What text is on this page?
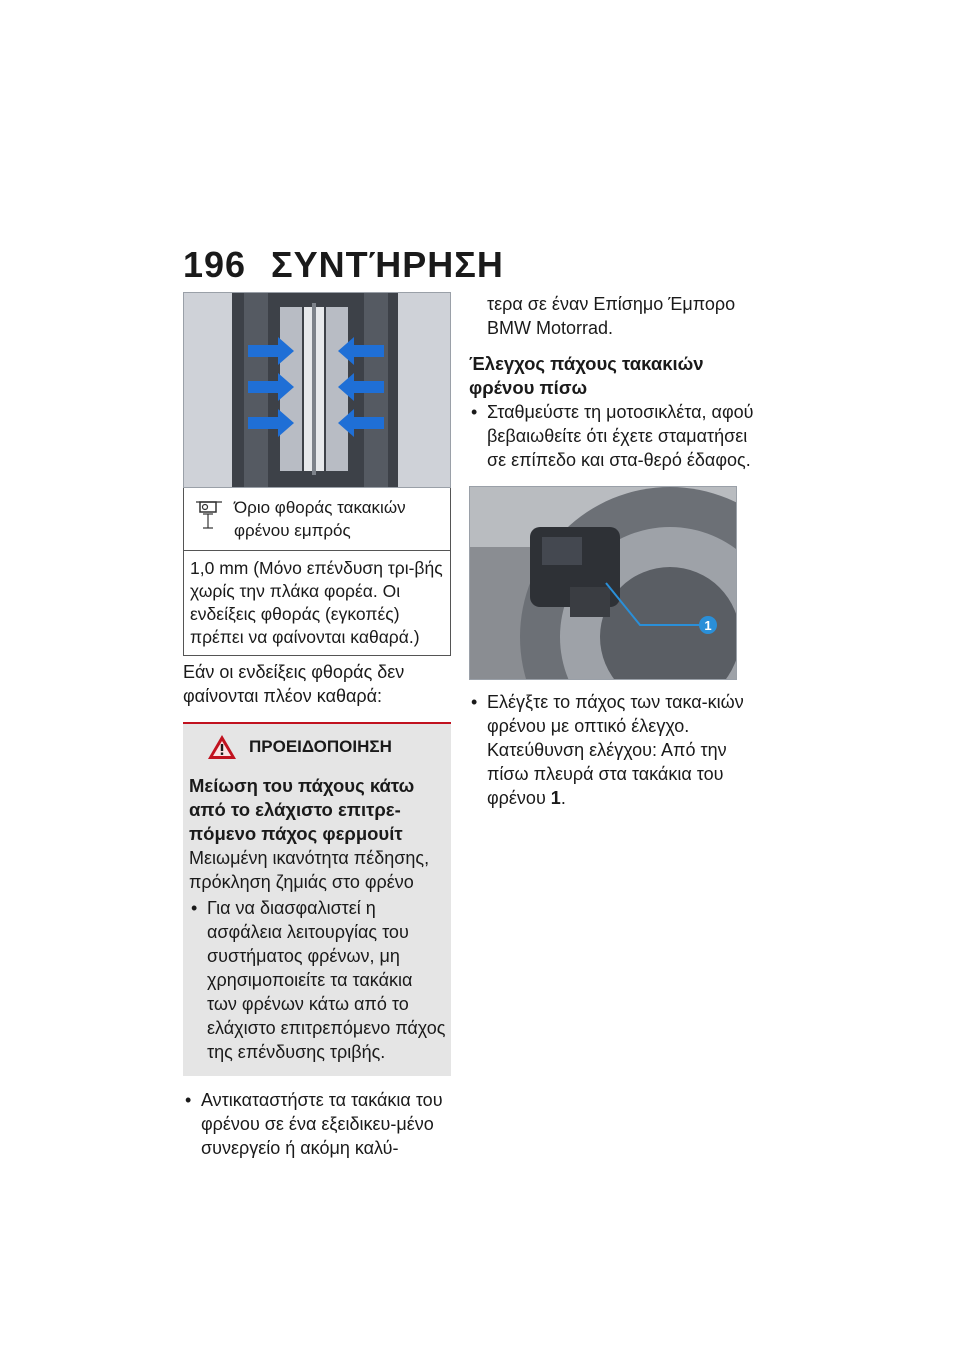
196 ΣΥΝΤΉΡΗΣΗ
Όριο φθοράς τακακιών φρένου εμπρός
1,0 mm (Μόνο επένδυση τρι-βής χωρίς την πλάκα φορέα. Οι ενδείξεις φθοράς (εγκοπές) πρέπει να φαίνονται καθαρά.)

Εάν οι ενδείξεις φθοράς δεν φαίνονται πλέον καθαρά:

ΠΡΟΕΙΔΟΠΟΙΗΣΗ

Μείωση του πάχους κάτω από το ελάχιστο επιτρε-πόμενο πάχος φερμουίτ

Μειωμένη ικανότητα πέδησης, πρόκληση ζημιάς στο φρένο

• Για να διασφαλιστεί η ασφάλεια λειτουργίας του συστήματος φρένων, μη χρησιμοποιείτε τα τακάκια των φρένων κάτω από το ελάχιστο επιτρεπόμενο πάχος της επένδυσης τριβής.
• Αντικαταστήστε τα τακάκια του φρένου σε ένα εξειδικευ-μένο συνεργείο ή ακόμη καλύ-

τερα σε έναν Επίσημο Έμπορο BMW Motorrad.

Έλεγχος πάχους τακακιών φρένου πίσω
• Σταθμεύστε τη μοτοσικλέτα, αφού βεβαιωθείτε ότι έχετε σταματήσει σε επίπεδο και στα-θερό έδαφος.
1
• Ελέγξτε το πάχος των τακα-κιών φρένου με οπτικό έλεγχο. Κατεύθυνση ελέγχου: Από την πίσω πλευρά στα τακάκια του φρένου 1.
